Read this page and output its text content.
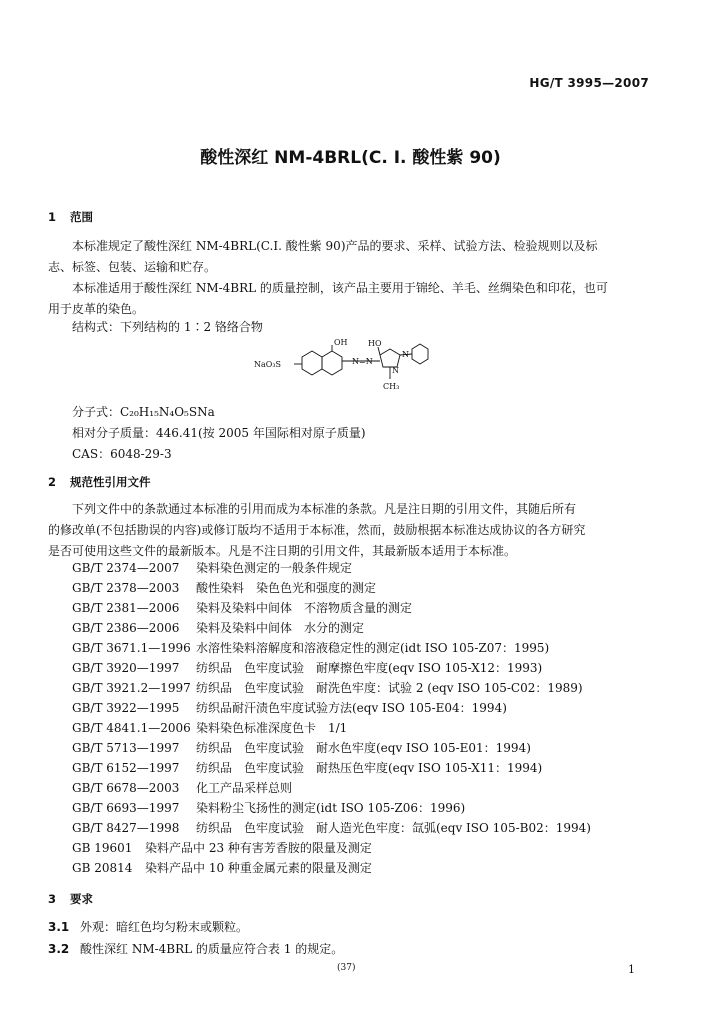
HG/T 3995—2007
酸性深红 NM-4BRL(C. I. 酸性紫 90)
1 范围
本标准规定了酸性深红 NM-4BRL(C.I. 酸性紫 90)产品的要求、采样、试验方法、检验规则以及标
志、标签、包装、运输和贮存。
本标准适用于酸性深红 NM-4BRL 的质量控制，该产品主要用于锦纶、羊毛、丝绸染色和印花，也可
用于皮革的染色。
结构式：下列结构的 1∶2 铬络合物
OH	HO
NaO₃S	N=N
N
N
CH₃
分子式：C₂₀H₁₅N₄O₅SNa
相对分子质量：446.41(按 2005 年国际相对原子质量)
CAS：6048-29-3
2 规范性引用文件
下列文件中的条款通过本标准的引用而成为本标准的条款。凡是注日期的引用文件，其随后所有
的修改单(不包括勘误的内容)或修订版均不适用于本标准，然而，鼓励根据本标准达成协议的各方研究
是否可使用这些文件的最新版本。凡是不注日期的引用文件，其最新版本适用于本标准。
GB/T 2374—2007 染料染色测定的一般条件规定
GB/T 2378—2003 酸性染料　染色色光和强度的测定
GB/T 2381—2006 染料及染料中间体　不溶物质含量的测定
GB/T 2386—2006 染料及染料中间体　水分的测定
GB/T 3671.1—1996 水溶性染料溶解度和溶液稳定性的测定(idt ISO 105-Z07：1995)
GB/T 3920—1997 纺织品　色牢度试验　耐摩擦色牢度(eqv ISO 105-X12：1993)
GB/T 3921.2—1997 纺织品　色牢度试验　耐洗色牢度：试验 2 (eqv ISO 105-C02：1989)
GB/T 3922—1995 纺织品耐汗渍色牢度试验方法(eqv ISO 105-E04：1994)
GB/T 4841.1—2006 染料染色标准深度色卡　1/1
GB/T 5713—1997 纺织品　色牢度试验　耐水色牢度(eqv ISO 105-E01：1994)
GB/T 6152—1997 纺织品　色牢度试验　耐热压色牢度(eqv ISO 105-X11：1994)
GB/T 6678—2003 化工产品采样总则
GB/T 6693—1997 染料粉尘飞扬性的测定(idt ISO 105-Z06：1996)
GB/T 8427—1998 纺织品　色牢度试验　耐人造光色牢度：氙弧(eqv ISO 105-B02：1994)
GB 19601 染料产品中 23 种有害芳香胺的限量及测定
GB 20814 染料产品中 10 种重金属元素的限量及测定
3 要求
3.1 外观：暗红色均匀粉末或颗粒。
3.2 酸性深红 NM-4BRL 的质量应符合表 1 的规定。
(37)	1
